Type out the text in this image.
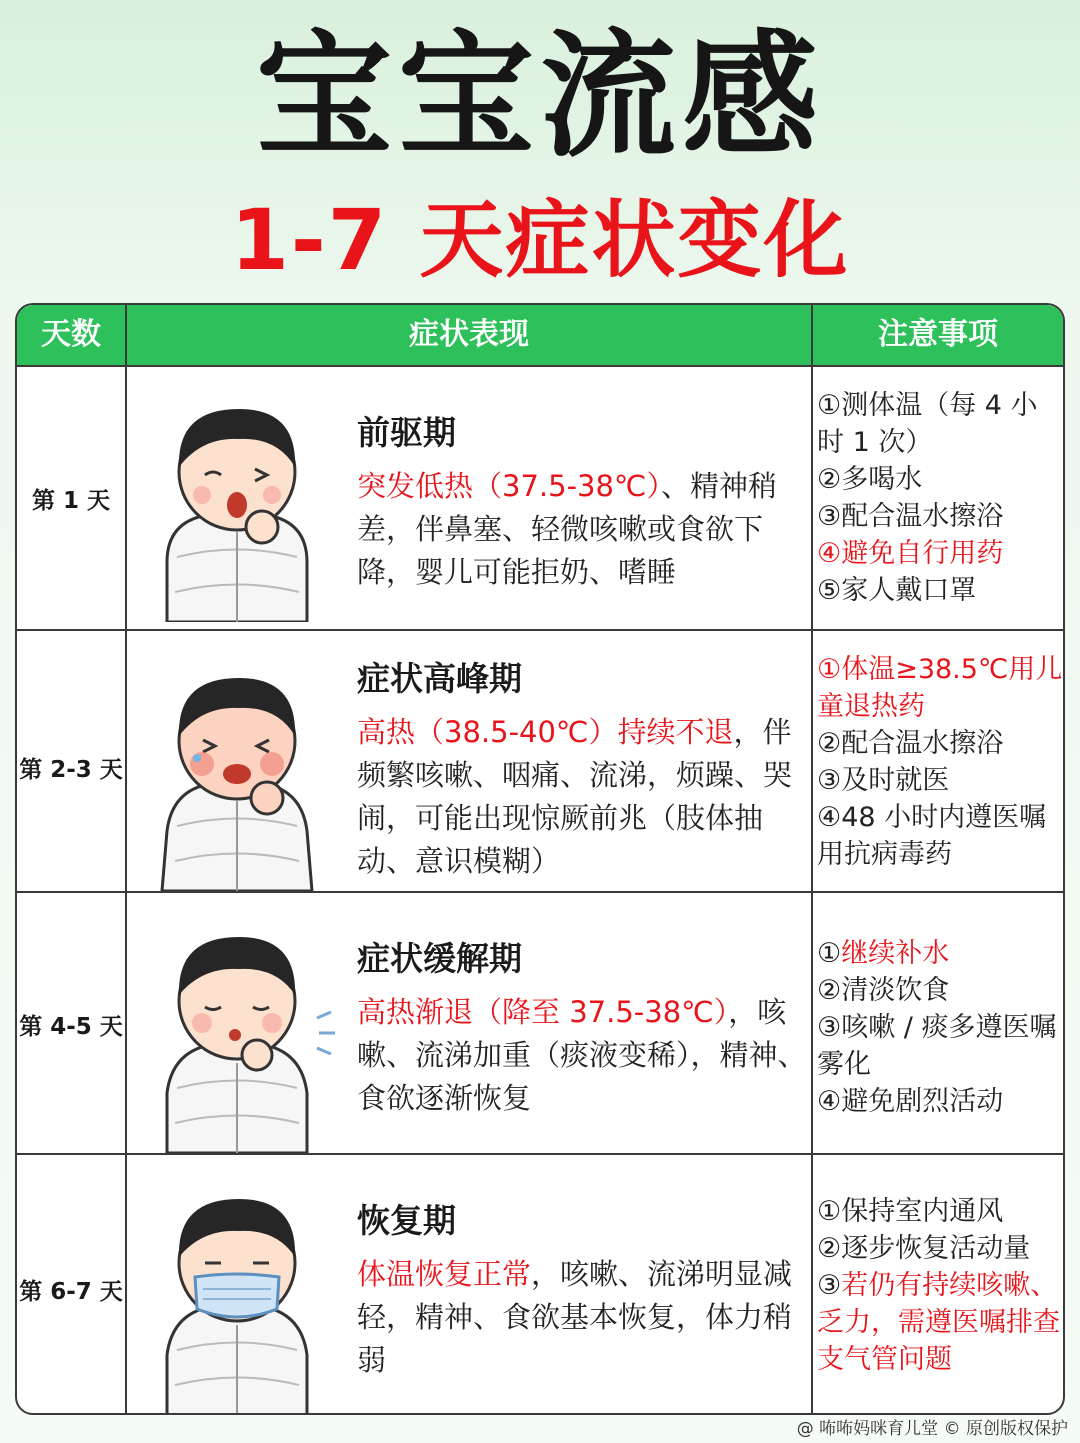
宝宝流感
1-7 天症状变化
天数	症状表现	注意事项
第 1 天
前驱期
突发低热（37.5-38℃）、精神稍差，伴鼻塞、轻微咳嗽或食欲下降，婴儿可能拒奶、嗜睡
①测体温（每 4 小时 1 次）
②多喝水
③配合温水擦浴
④避免自行用药
⑤家人戴口罩
第 2-3 天
症状高峰期
高热（38.5-40℃）持续不退，伴频繁咳嗽、咽痛、流涕，烦躁、哭闹，可能出现惊厥前兆（肢体抽动、意识模糊）
①体温≥38.5℃用儿童退热药
②配合温水擦浴
③及时就医
④48 小时内遵医嘱用抗病毒药
第 4-5 天
症状缓解期
高热渐退（降至 37.5-38℃），咳嗽、流涕加重（痰液变稀），精神、食欲逐渐恢复
①继续补水
②清淡饮食
③咳嗽 / 痰多遵医嘱雾化
④避免剧烈活动
第 6-7 天
恢复期
体温恢复正常，咳嗽、流涕明显减轻，精神、食欲基本恢复，体力稍弱
①保持室内通风
②逐步恢复活动量
③若仍有持续咳嗽、乏力，需遵医嘱排查支气管问题
@ 咘咘妈咪育儿堂 © 原创版权保护
